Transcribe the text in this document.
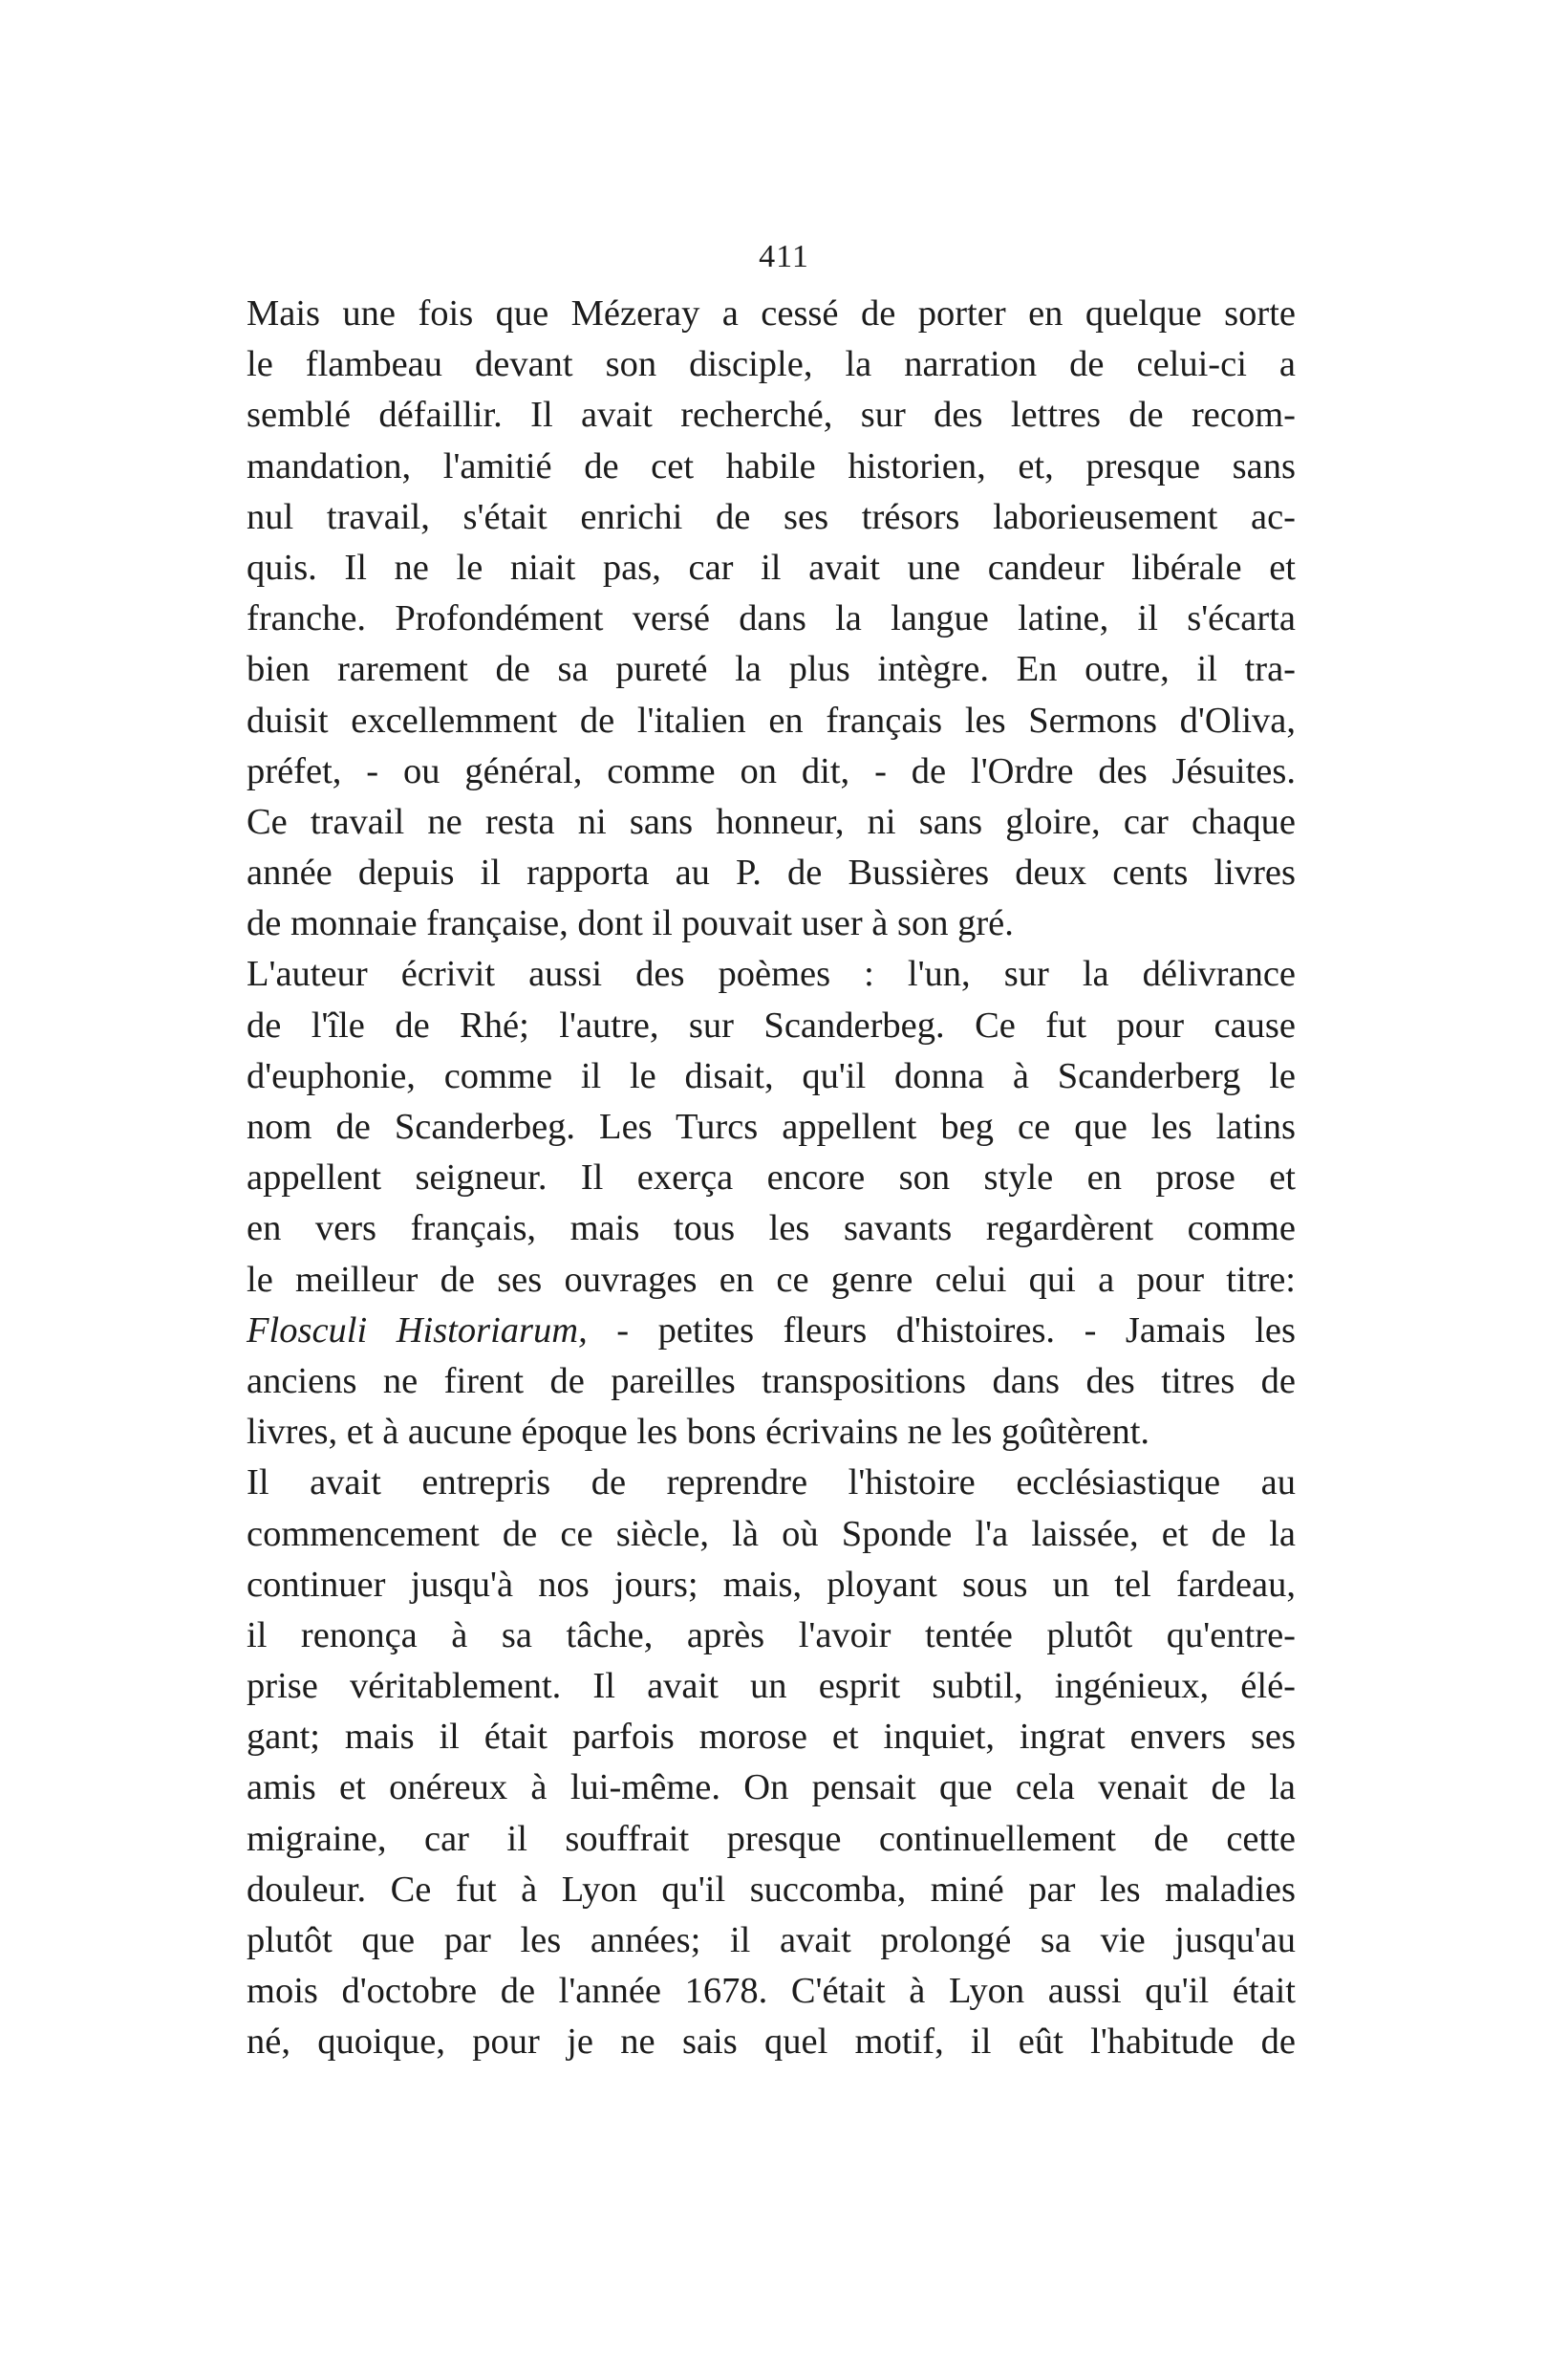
411
Mais une fois que Mézeray a cessé de porter en quelque sorte
le flambeau devant son disciple, la narration de celui-ci a
semblé défaillir. Il avait recherché, sur des lettres de recom-
mandation, l'amitié de cet habile historien, et, presque sans
nul travail, s'était enrichi de ses trésors laborieusement ac-
quis. Il ne le niait pas, car il avait une candeur libérale et
franche. Profondément versé dans la langue latine, il s'écarta
bien rarement de sa pureté la plus intègre. En outre, il tra-
duisit excellemment de l'italien en français les Sermons d'Oliva,
préfet, - ou général, comme on dit, - de l'Ordre des Jésuites.
Ce travail ne resta ni sans honneur, ni sans gloire, car chaque
année depuis il rapporta au P. de Bussières deux cents livres
de monnaie française, dont il pouvait user à son gré.
L'auteur écrivit aussi des poèmes : l'un, sur la délivrance
de l'île de Rhé; l'autre, sur Scanderbeg. Ce fut pour cause
d'euphonie, comme il le disait, qu'il donna à Scanderberg le
nom de Scanderbeg. Les Turcs appellent beg ce que les latins
appellent seigneur. Il exerça encore son style en prose et
en vers français, mais tous les savants regardèrent comme
le meilleur de ses ouvrages en ce genre celui qui a pour titre:
Flosculi Historiarum, - petites fleurs d'histoires. - Jamais les
anciens ne firent de pareilles transpositions dans des titres de
livres, et à aucune époque les bons écrivains ne les goûtèrent.
Il avait entrepris de reprendre l'histoire ecclésiastique au
commencement de ce siècle, là où Sponde l'a laissée, et de la
continuer jusqu'à nos jours; mais, ployant sous un tel fardeau,
il renonça à sa tâche, après l'avoir tentée plutôt qu'entre-
prise véritablement. Il avait un esprit subtil, ingénieux, élé-
gant; mais il était parfois morose et inquiet, ingrat envers ses
amis et onéreux à lui-même. On pensait que cela venait de la
migraine, car il souffrait presque continuellement de cette
douleur. Ce fut à Lyon qu'il succomba, miné par les maladies
plutôt que par les années; il avait prolongé sa vie jusqu'au
mois d'octobre de l'année 1678. C'était à Lyon aussi qu'il était
né, quoique, pour je ne sais quel motif, il eût l'habitude de
